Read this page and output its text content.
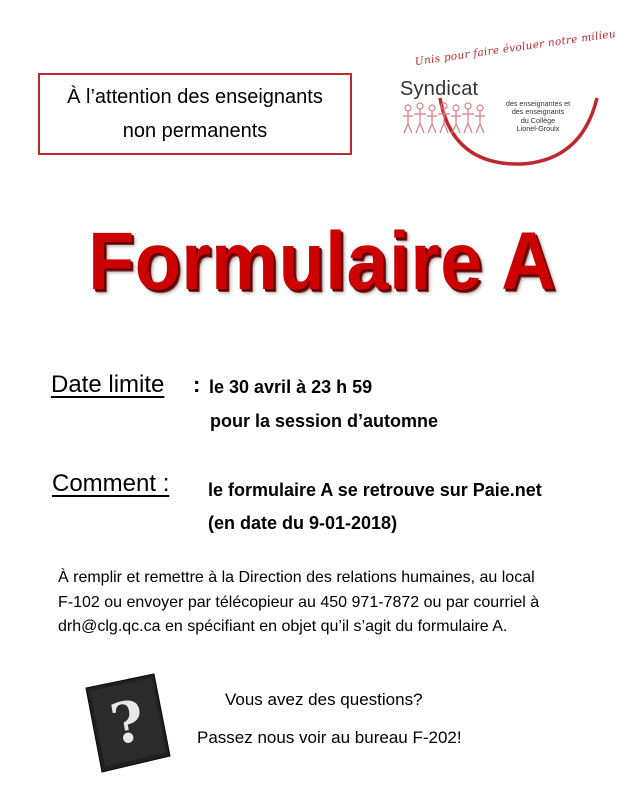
À l’attention des enseignants
non permanents
Unis pour faire évoluer notre milieu
Syndicat
des enseignantes et
des enseignants
du Collège
Lionel-Groulx
Formulaire A
Date limite : le 30 avril à 23 h 59
pour la session d’automne
Comment : le formulaire A se retrouve sur Paie.net
(en date du 9-01-2018)
À remplir et remettre à la Direction des relations humaines, au local
F-102 ou envoyer par télécopieur au 450 971-7872 ou par courriel à
drh@clg.qc.ca en spécifiant en objet qu’il s’agit du formulaire A.
?	Vous avez des questions?
Passez nous voir au bureau F-202!
